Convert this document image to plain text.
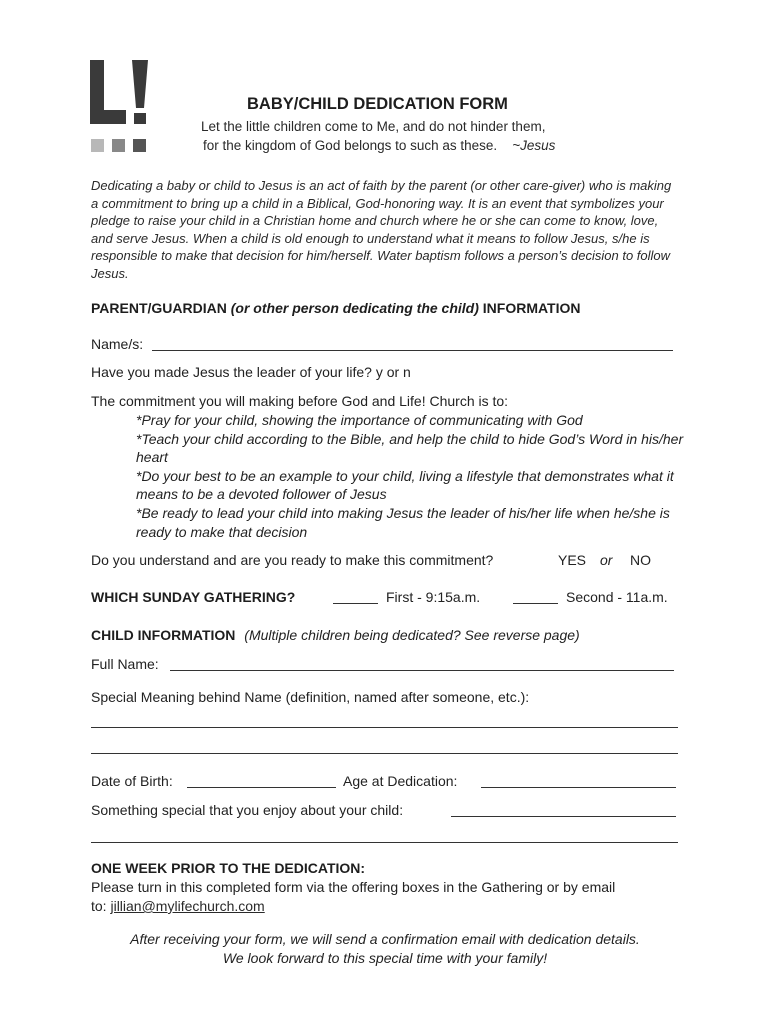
BABY/CHILD DEDICATION FORM
Let the little children come to Me, and do not hinder them,
for the kingdom of God belongs to such as these. ~Jesus
Dedicating a baby or child to Jesus is an act of faith by the parent (or other care-giver) who is making a commitment to bring up a child in a Biblical, God-honoring way. It is an event that symbolizes your pledge to raise your child in a Christian home and church where he or she can come to know, love, and serve Jesus. When a child is old enough to understand what it means to follow Jesus, s/he is responsible to make that decision for him/herself. Water baptism follows a person’s decision to follow Jesus.
PARENT/GUARDIAN (or other person dedicating the child) INFORMATION
Name/s:
Have you made Jesus the leader of your life? y or n
The commitment you will making before God and Life! Church is to:
*Pray for your child, showing the importance of communicating with God
*Teach your child according to the Bible, and help the child to hide God’s Word in his/her heart
*Do your best to be an example to your child, living a lifestyle that demonstrates what it means to be a devoted follower of Jesus
*Be ready to lead your child into making Jesus the leader of his/her life when he/she is ready to make that decision
Do you understand and are you ready to make this commitment?	YES or NO
WHICH SUNDAY GATHERING?	First - 9:15a.m.	Second - 11a.m.
CHILD INFORMATION (Multiple children being dedicated? See reverse page)
Full Name:
Special Meaning behind Name (definition, named after someone, etc.):
Date of Birth:	Age at Dedication:
Something special that you enjoy about your child:
ONE WEEK PRIOR TO THE DEDICATION:
Please turn in this completed form via the offering boxes in the Gathering or by email
to: jillian@mylifechurch.com
After receiving your form, we will send a confirmation email with dedication details.
We look forward to this special time with your family!
